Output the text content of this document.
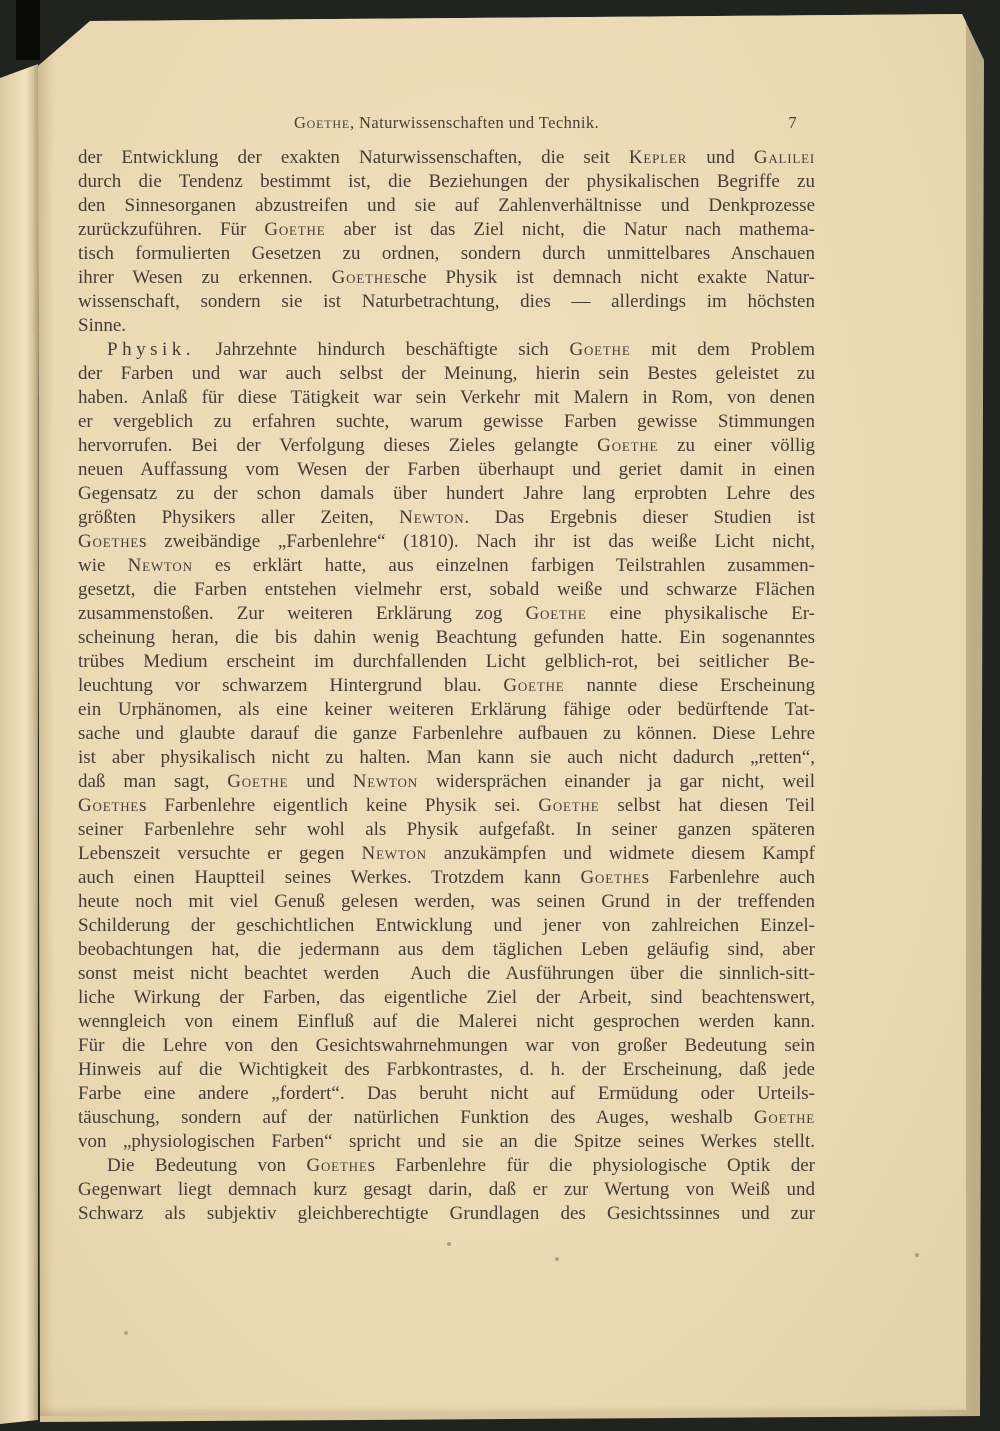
Goethe, Naturwissenschaften und Technik.	7
der Entwicklung der exakten Naturwissenschaften, die seit Kepler und Galilei
durch die Tendenz bestimmt ist, die Beziehungen der physikalischen Begriffe zu
den Sinnesorganen abzustreifen und sie auf Zahlenverhältnisse und Denkprozesse
zurückzuführen. Für Goethe aber ist das Ziel nicht, die Natur nach mathema-
tisch formulierten Gesetzen zu ordnen, sondern durch unmittelbares Anschauen
ihrer Wesen zu erkennen. Goethesche Physik ist demnach nicht exakte Natur-
wissenschaft, sondern sie ist Naturbetrachtung, dies — allerdings im höchsten
Sinne.
Physik. Jahrzehnte hindurch beschäftigte sich Goethe mit dem Problem
der Farben und war auch selbst der Meinung, hierin sein Bestes geleistet zu
haben. Anlaß für diese Tätigkeit war sein Verkehr mit Malern in Rom, von denen
er vergeblich zu erfahren suchte, warum gewisse Farben gewisse Stimmungen
hervorrufen. Bei der Verfolgung dieses Zieles gelangte Goethe zu einer völlig
neuen Auffassung vom Wesen der Farben überhaupt und geriet damit in einen
Gegensatz zu der schon damals über hundert Jahre lang erprobten Lehre des
größten Physikers aller Zeiten, Newton. Das Ergebnis dieser Studien ist
Goethes zweibändige „Farbenlehre“ (1810). Nach ihr ist das weiße Licht nicht,
wie Newton es erklärt hatte, aus einzelnen farbigen Teilstrahlen zusammen-
gesetzt, die Farben entstehen vielmehr erst, sobald weiße und schwarze Flächen
zusammenstoßen. Zur weiteren Erklärung zog Goethe eine physikalische Er-
scheinung heran, die bis dahin wenig Beachtung gefunden hatte. Ein sogenanntes
trübes Medium erscheint im durchfallenden Licht gelblich-rot, bei seitlicher Be-
leuchtung vor schwarzem Hintergrund blau. Goethe nannte diese Erscheinung
ein Urphänomen, als eine keiner weiteren Erklärung fähige oder bedürftende Tat-
sache und glaubte darauf die ganze Farbenlehre aufbauen zu können. Diese Lehre
ist aber physikalisch nicht zu halten. Man kann sie auch nicht dadurch „retten“,
daß man sagt, Goethe und Newton widersprächen einander ja gar nicht, weil
Goethes Farbenlehre eigentlich keine Physik sei. Goethe selbst hat diesen Teil
seiner Farbenlehre sehr wohl als Physik aufgefaßt. In seiner ganzen späteren
Lebenszeit versuchte er gegen Newton anzukämpfen und widmete diesem Kampf
auch einen Hauptteil seines Werkes. Trotzdem kann Goethes Farbenlehre auch
heute noch mit viel Genuß gelesen werden, was seinen Grund in der treffenden
Schilderung der geschichtlichen Entwicklung und jener von zahlreichen Einzel-
beobachtungen hat, die jedermann aus dem täglichen Leben geläufig sind, aber
sonst meist nicht beachtet werden  Auch die Ausführungen über die sinnlich-sitt-
liche Wirkung der Farben, das eigentliche Ziel der Arbeit, sind beachtenswert,
wenngleich von einem Einfluß auf die Malerei nicht gesprochen werden kann.
Für die Lehre von den Gesichtswahrnehmungen war von großer Bedeutung sein
Hinweis auf die Wichtigkeit des Farbkontrastes, d. h. der Erscheinung, daß jede
Farbe eine andere „fordert“. Das beruht nicht auf Ermüdung oder Urteils-
täuschung, sondern auf der natürlichen Funktion des Auges, weshalb Goethe
von „physiologischen Farben“ spricht und sie an die Spitze seines Werkes stellt.
Die Bedeutung von Goethes Farbenlehre für die physiologische Optik der
Gegenwart liegt demnach kurz gesagt darin, daß er zur Wertung von Weiß und
Schwarz als subjektiv gleichberechtigte Grundlagen des Gesichtssinnes und zur
